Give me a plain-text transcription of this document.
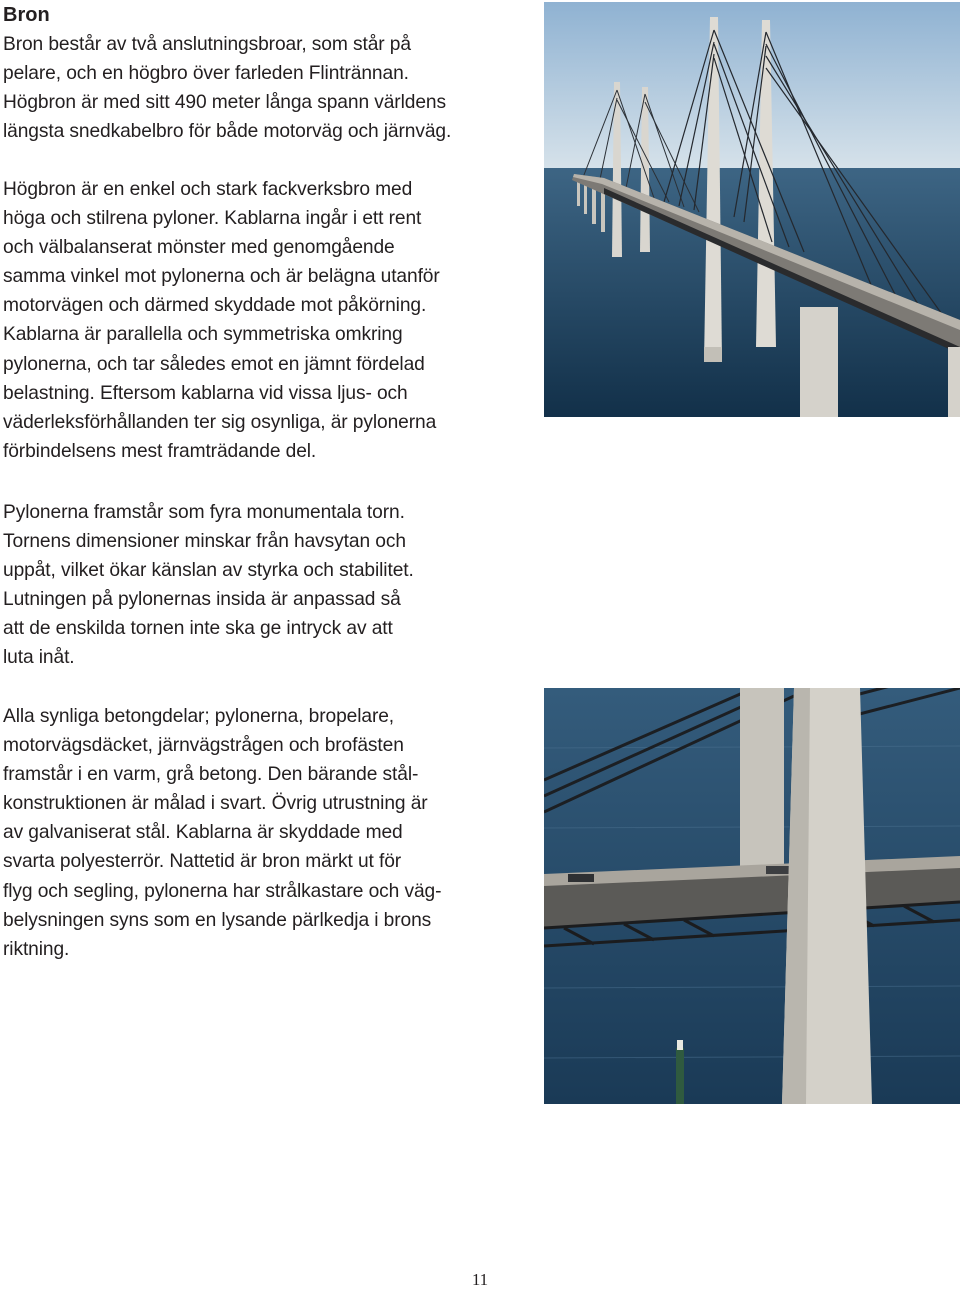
Bron

Bron består av två anslutningsbroar, som står på
pelare, och en högbro över farleden Flintrännan.
Högbron är med sitt 490 meter långa spann världens
längsta snedkabelbro för både motorväg och järnväg.

Högbron är en enkel och stark fackverksbro med
höga och stilrena pyloner. Kablarna ingår i ett rent
och välbalanserat mönster med genomgående
samma vinkel mot pylonerna och är belägna utanför
motorvägen och därmed skyddade mot påkörning.
Kablarna är parallella och symmetriska omkring
pylonerna, och tar således emot en jämnt fördelad
belastning. Eftersom kablarna vid vissa ljus- och
väderleksförhållanden ter sig osynliga, är pylonerna
förbindelsens mest framträdande del.

Pylonerna framstår som fyra monumentala torn.
Tornens dimensioner minskar från havsytan och
uppåt, vilket ökar känslan av styrka och stabilitet.
Lutningen på pylonernas insida är anpassad så
att de enskilda tornen inte ska ge intryck av att
luta inåt.

Alla synliga betongdelar; pylonerna, bropelare,
motorvägsdäcket, järnvägstrågen och brofästen
framstår i en varm, grå betong. Den bärande stål-
konstruktionen är målad i svart. Övrig utrustning är
av galvaniserat stål. Kablarna är skyddade med
svarta polyesterrör. Nattetid är bron märkt ut för
flyg och segling, pylonerna har strålkastare och väg-
belysningen syns som en lysande pärlkedja i brons
riktning.

11
